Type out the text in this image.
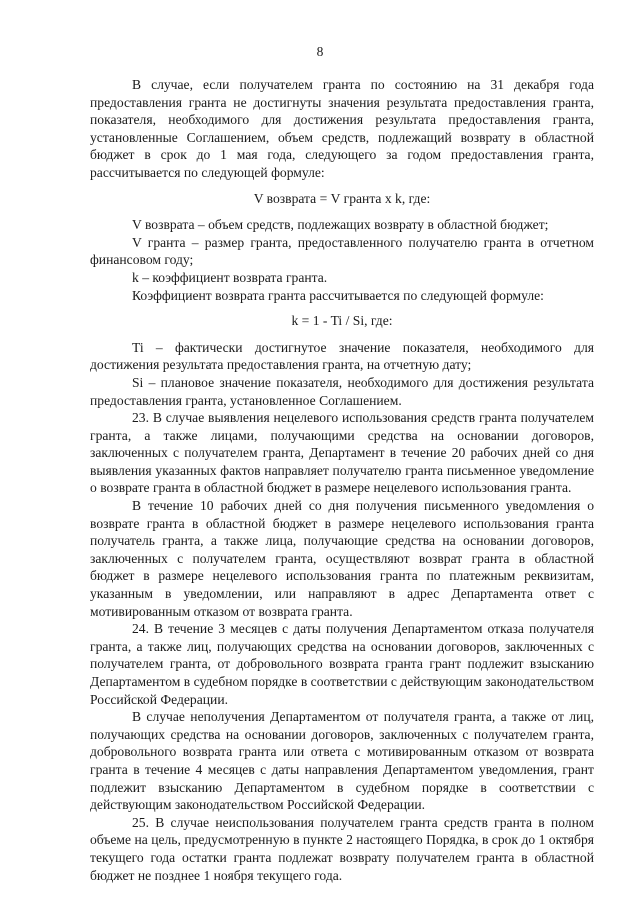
8

В случае, если получателем гранта по состоянию на 31 декабря года предоставления гранта не достигнуты значения результата предоставления гранта, показателя, необходимого для достижения результата предоставления гранта, установленные Соглашением, объем средств, подлежащий возврату в областной бюджет в срок до 1 мая года, следующего за годом предоставления гранта, рассчитывается по следующей формуле:

V возврата = V гранта x k, где:

V возврата – объем средств, подлежащих возврату в областной бюджет;

V гранта – размер гранта, предоставленного получателю гранта в отчетном финансовом году;

k – коэффициент возврата гранта.

Коэффициент возврата гранта рассчитывается по следующей формуле:

k = 1 - Ti / Si, где:

Ti – фактически достигнутое значение показателя, необходимого для достижения результата предоставления гранта, на отчетную дату;

Si – плановое значение показателя, необходимого для достижения результата предоставления гранта, установленное Соглашением.

23. В случае выявления нецелевого использования средств гранта получателем гранта, а также лицами, получающими средства на основании договоров, заключенных с получателем гранта, Департамент в течение 20 рабочих дней со дня выявления указанных фактов направляет получателю гранта письменное уведомление о возврате гранта в областной бюджет в размере нецелевого использования гранта.

В течение 10 рабочих дней со дня получения письменного уведомления о возврате гранта в областной бюджет в размере нецелевого использования гранта получатель гранта, а также лица, получающие средства на основании договоров, заключенных с получателем гранта, осуществляют возврат гранта в областной бюджет в размере нецелевого использования гранта по платежным реквизитам, указанным в уведомлении, или направляют в адрес Департамента ответ с мотивированным отказом от возврата гранта.

24. В течение 3 месяцев с даты получения Департаментом отказа получателя гранта, а также лиц, получающих средства на основании договоров, заключенных с получателем гранта, от добровольного возврата гранта грант подлежит взысканию Департаментом в судебном порядке в соответствии с действующим законодательством Российской Федерации.

В случае неполучения Департаментом от получателя гранта, а также от лиц, получающих средства на основании договоров, заключенных с получателем гранта, добровольного возврата гранта или ответа с мотивированным отказом от возврата гранта в течение 4 месяцев с даты направления Департаментом уведомления, грант подлежит взысканию Департаментом в судебном порядке в соответствии с действующим законодательством Российской Федерации.

25. В случае неиспользования получателем гранта средств гранта в полном объеме на цель, предусмотренную в пункте 2 настоящего Порядка, в срок до 1 октября текущего года остатки гранта подлежат возврату получателем гранта в областной бюджет не позднее 1 ноября текущего года.
